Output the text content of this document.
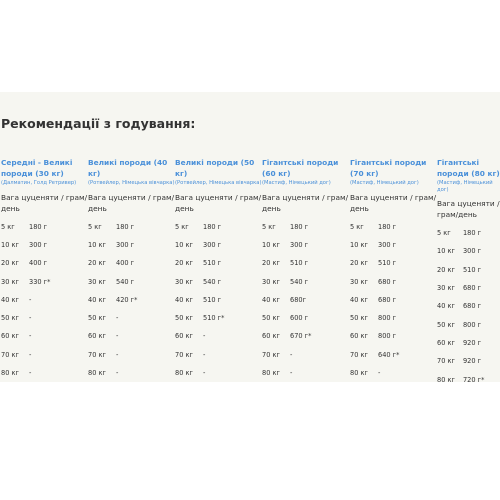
Рекомендації з годування:
Середні - Великі породи (30 кг)
(Далматин, Голд Ретривер)
Вага цуценяти / грам/день
5 кг	180 г
10 кг	300 г
20 кг	400 г
30 кг	330 г*
40 кг	-
50 кг	-
60 кг	-
70 кг	-
80 кг	-
Великі породи (40 кг)
(Ротвейлер, Німецька вівчарка)
Вага цуценяти / грам/день
5 кг	180 г
10 кг	300 г
20 кг	400 г
30 кг	540 г
40 кг	420 г*
50 кг	-
60 кг	-
70 кг	-
80 кг	-
Великі породи (50 кг)
(Ротвейлер, Німецька вівчарка)
Вага цуценяти / грам/день
5 кг	180 г
10 кг	300 г
20 кг	510 г
30 кг	540 г
40 кг	510 г
50 кг	510 г*
60 кг	-
70 кг	-
80 кг	-
Гігантські породи (60 кг)
(Мастиф, Німецький дог)
Вага цуценяти / грам/день
5 кг	180 г
10 кг	300 г
20 кг	510 г
30 кг	540 г
40 кг	680г
50 кг	600 г
60 кг	670 г*
70 кг	-
80 кг	-
Гігантські породи (70 кг)
(Мастиф, Німецький дог)
Вага цуценяти / грам/день
5 кг	180 г
10 кг	300 г
20 кг	510 г
30 кг	680 г
40 кг	680 г
50 кг	800 г
60 кг	800 г
70 кг	640 г*
80 кг	-
Гігантські породи (80 кг)
(Мастиф, Німецький дог)
Вага цуценяти / грам/день
5 кг	180 г
10 кг	300 г
20 кг	510 г
30 кг	680 г
40 кг	680 г
50 кг	800 г
60 кг	920 г
70 кг	920 г
80 кг	720 г*
